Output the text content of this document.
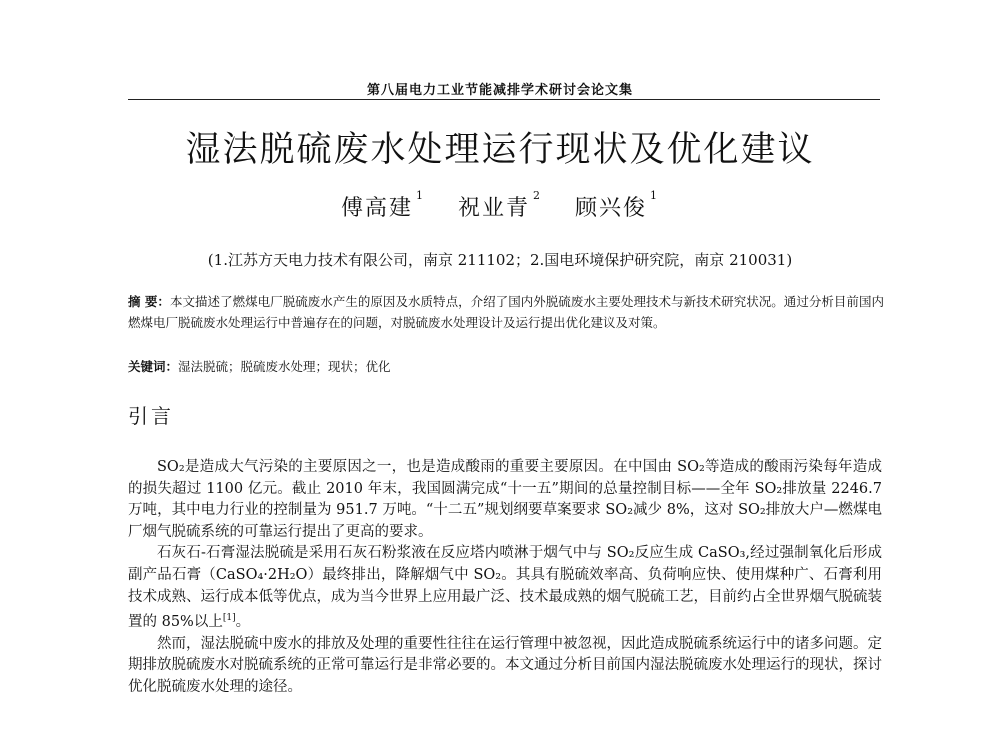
第八届电力工业节能减排学术研讨会论文集
湿法脱硫废水处理运行现状及优化建议
傅高建$^1$ 祝业青$^2$ 顾兴俊$^1$
(1.江苏方天电力技术有限公司，南京 211102；2.国电环境保护研究院，南京 210031)
摘 要：本文描述了燃煤电厂脱硫废水产生的原因及水质特点，介绍了国内外脱硫废水主要处理技术与新技术研究状况。通过分析目前国内燃煤电厂脱硫废水处理运行中普遍存在的问题，对脱硫废水处理设计及运行提出优化建议及对策。
关键词：湿法脱硫；脱硫废水处理；现状；优化
引言

SO₂是造成大气污染的主要原因之一，也是造成酸雨的重要主要原因。在中国由 SO₂等造成的酸雨污染每年造成的损失超过 1100 亿元。截止 2010 年末，我国圆满完成“十一五”期间的总量控制目标——全年 SO₂排放量 2246.7 万吨，其中电力行业的控制量为 951.7 万吨。“十二五”规划纲要草案要求 SO₂减少 8%，这对 SO₂排放大户—燃煤电厂烟气脱硫系统的可靠运行提出了更高的要求。

石灰石-石膏湿法脱硫是采用石灰石粉浆液在反应塔内喷淋于烟气中与 SO₂反应生成 CaSO₃,经过强制氧化后形成副产品石膏（CaSO₄·2H₂O）最终排出，降解烟气中 SO₂。其具有脱硫效率高、负荷响应快、使用煤种广、石膏利用技术成熟、运行成本低等优点，成为当今世界上应用最广泛、技术最成熟的烟气脱硫工艺，目前约占全世界烟气脱硫装置的 85%以上[1]。

然而，湿法脱硫中废水的排放及处理的重要性往往在运行管理中被忽视，因此造成脱硫系统运行中的诸多问题。定期排放脱硫废水对脱硫系统的正常可靠运行是非常必要的。本文通过分析目前国内湿法脱硫废水处理运行的现状，探讨优化脱硫废水处理的途径。
